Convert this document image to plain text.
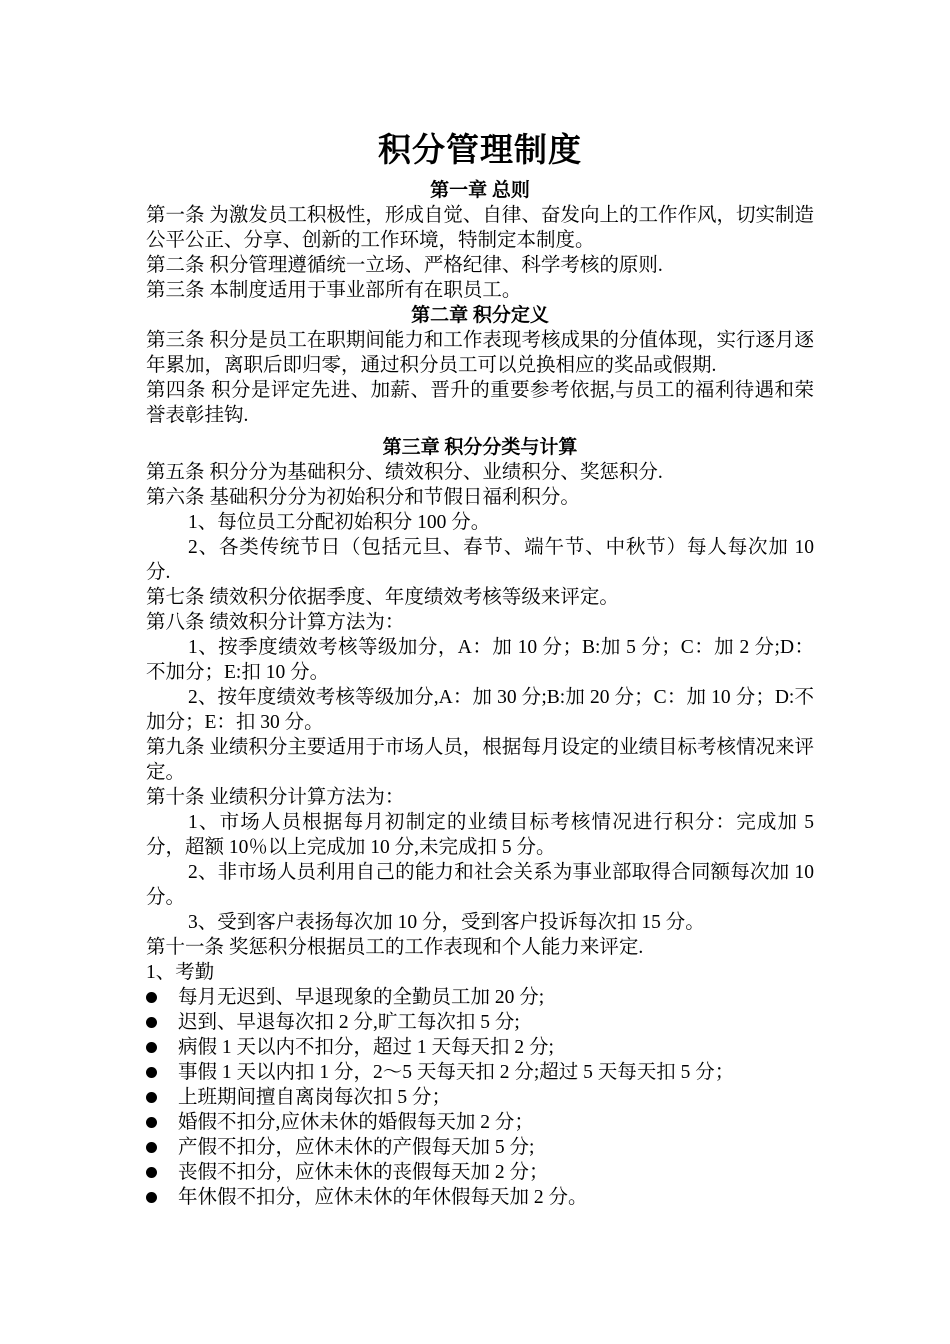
积分管理制度
第一章 总则

第一条 为激发员工积极性，形成自觉、自律、奋发向上的工作作风，切实制造公平公正、分享、创新的工作环境，特制定本制度。

第二条 积分管理遵循统一立场、严格纪律、科学考核的原则.

第三条 本制度适用于事业部所有在职员工。

第二章 积分定义

第三条 积分是员工在职期间能力和工作表现考核成果的分值体现，实行逐月逐年累加，离职后即归零，通过积分员工可以兑换相应的奖品或假期.

第四条 积分是评定先进、加薪、晋升的重要参考依据,与员工的福利待遇和荣誉表彰挂钩.

第三章 积分分类与计算

第五条 积分分为基础积分、绩效积分、业绩积分、奖惩积分.

第六条 基础积分分为初始积分和节假日福利积分。

1、每位员工分配初始积分 100 分。

2、各类传统节日（包括元旦、春节、端午节、中秋节）每人每次加 10 分.

第七条 绩效积分依据季度、年度绩效考核等级来评定。

第八条 绩效积分计算方法为：

1、按季度绩效考核等级加分，A：加 10 分；B:加 5 分；C：加 2 分;D：不加分；E:扣 10 分。

2、按年度绩效考核等级加分,A：加 30 分;B:加 20 分；C：加 10 分；D:不加分；E：扣 30 分。

第九条 业绩积分主要适用于市场人员，根据每月设定的业绩目标考核情况来评定。

第十条 业绩积分计算方法为：

1、市场人员根据每月初制定的业绩目标考核情况进行积分：完成加 5 分，超额 10％以上完成加 10 分,未完成扣 5 分。

2、非市场人员利用自己的能力和社会关系为事业部取得合同额每次加 10 分。

3、受到客户表扬每次加 10 分，受到客户投诉每次扣 15 分。

第十一条 奖惩积分根据员工的工作表现和个人能力来评定.

1、考勤

每月无迟到、早退现象的全勤员工加 20 分;
迟到、早退每次扣 2 分,旷工每次扣 5 分;
病假 1 天以内不扣分，超过 1 天每天扣 2 分;
事假 1 天以内扣 1 分，2～5 天每天扣 2 分;超过 5 天每天扣 5 分；
上班期间擅自离岗每次扣 5 分；
婚假不扣分,应休未休的婚假每天加 2 分；
产假不扣分，应休未休的产假每天加 5 分;
丧假不扣分，应休未休的丧假每天加 2 分；
年休假不扣分，应休未休的年休假每天加 2 分。
